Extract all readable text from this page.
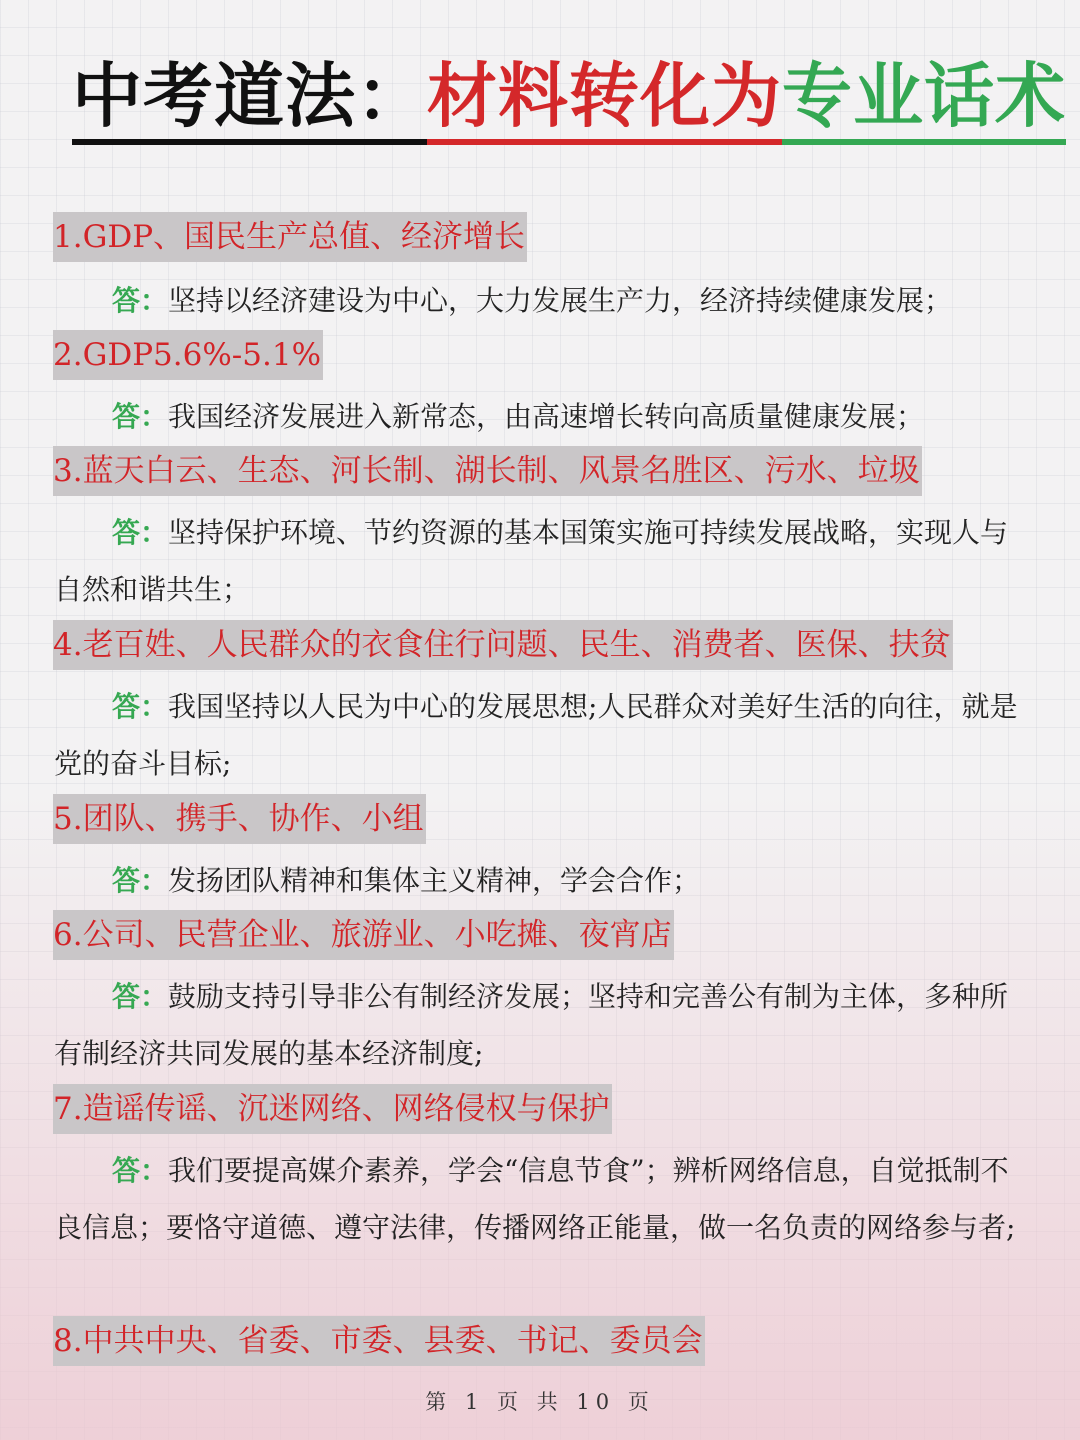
中考道法：材料转化为专业话术
1.GDP、国民生产总值、经济增长
答：坚持以经济建设为中心，大力发展生产力，经济持续健康发展；
2.GDP5.6%-5.1%
答：我国经济发展进入新常态，由高速增长转向高质量健康发展；
3.蓝天白云、生态、河长制、湖长制、风景名胜区、污水、垃圾
答：坚持保护环境、节约资源的基本国策实施可持续发展战略，实现人与自然和谐共生；
4.老百姓、人民群众的衣食住行问题、民生、消费者、医保、扶贫
答：我国坚持以人民为中心的发展思想;人民群众对美好生活的向往，就是党的奋斗目标;
5.团队、携手、协作、小组
答：发扬团队精神和集体主义精神，学会合作；
6.公司、民营企业、旅游业、小吃摊、夜宵店
答：鼓励支持引导非公有制经济发展；坚持和完善公有制为主体，多种所有制经济共同发展的基本经济制度;
7.造谣传谣、沉迷网络、网络侵权与保护
答：我们要提高媒介素养，学会“信息节食”；辨析网络信息，自觉抵制不良信息；要恪守道德、遵守法律，传播网络正能量，做一名负责的网络参与者;
8.中共中央、省委、市委、县委、书记、委员会
第 1 页 共 10 页
